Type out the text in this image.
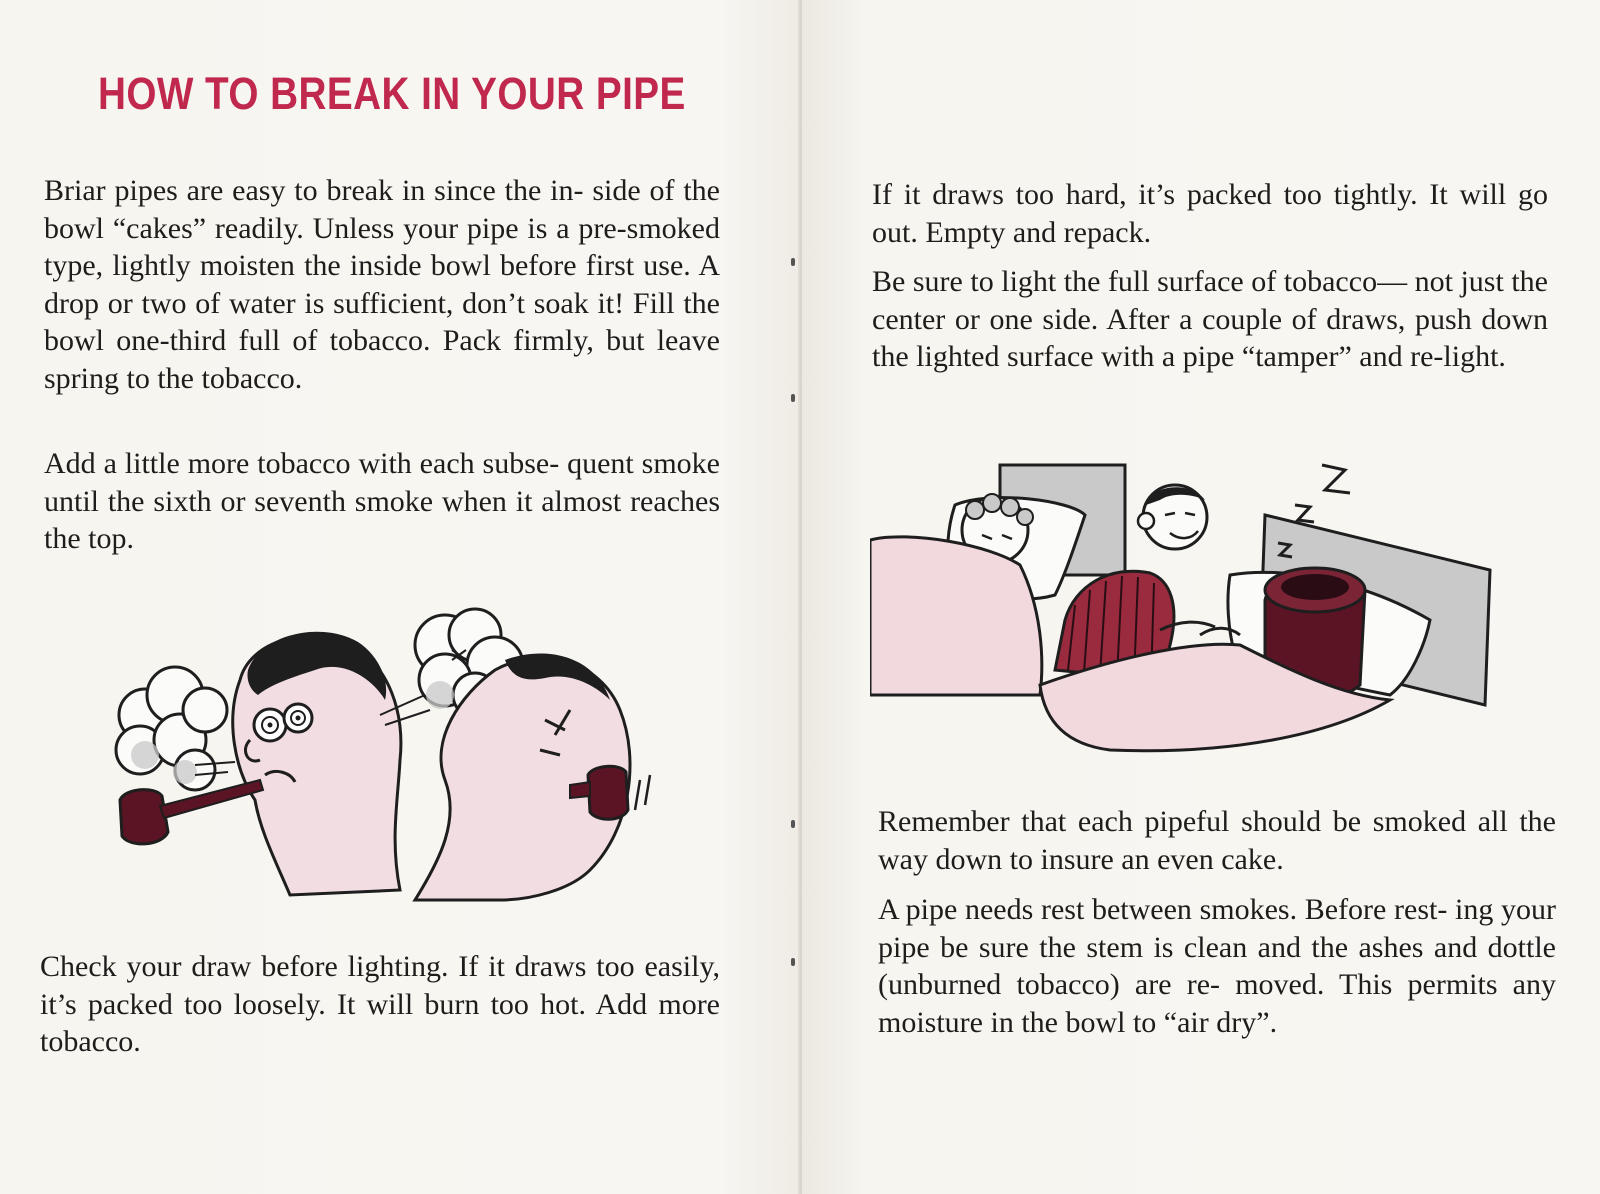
HOW TO BREAK IN YOUR PIPE

Briar pipes are easy to break in since the in- side of the bowl “cakes” readily. Unless your pipe is a pre-smoked type, lightly moisten the inside bowl before first use. A drop or two of water is sufficient, don’t soak it! Fill the bowl one-third full of tobacco. Pack firmly, but leave spring to the tobacco.

Add a little more tobacco with each subse- quent smoke until the sixth or seventh smoke when it almost reaches the top.

Check your draw before lighting. If it draws too easily, it’s packed too loosely. It will burn too hot. Add more tobacco.

If it draws too hard, it’s packed too tightly. It will go out. Empty and repack.

Be sure to light the full surface of tobacco— not just the center or one side. After a couple of draws, push down the lighted surface with a pipe “tamper” and re-light.

Remember that each pipeful should be smoked all the way down to insure an even cake.

A pipe needs rest between smokes. Before rest- ing your pipe be sure the stem is clean and the ashes and dottle (unburned tobacco) are re- moved. This permits any moisture in the bowl to “air dry”.
